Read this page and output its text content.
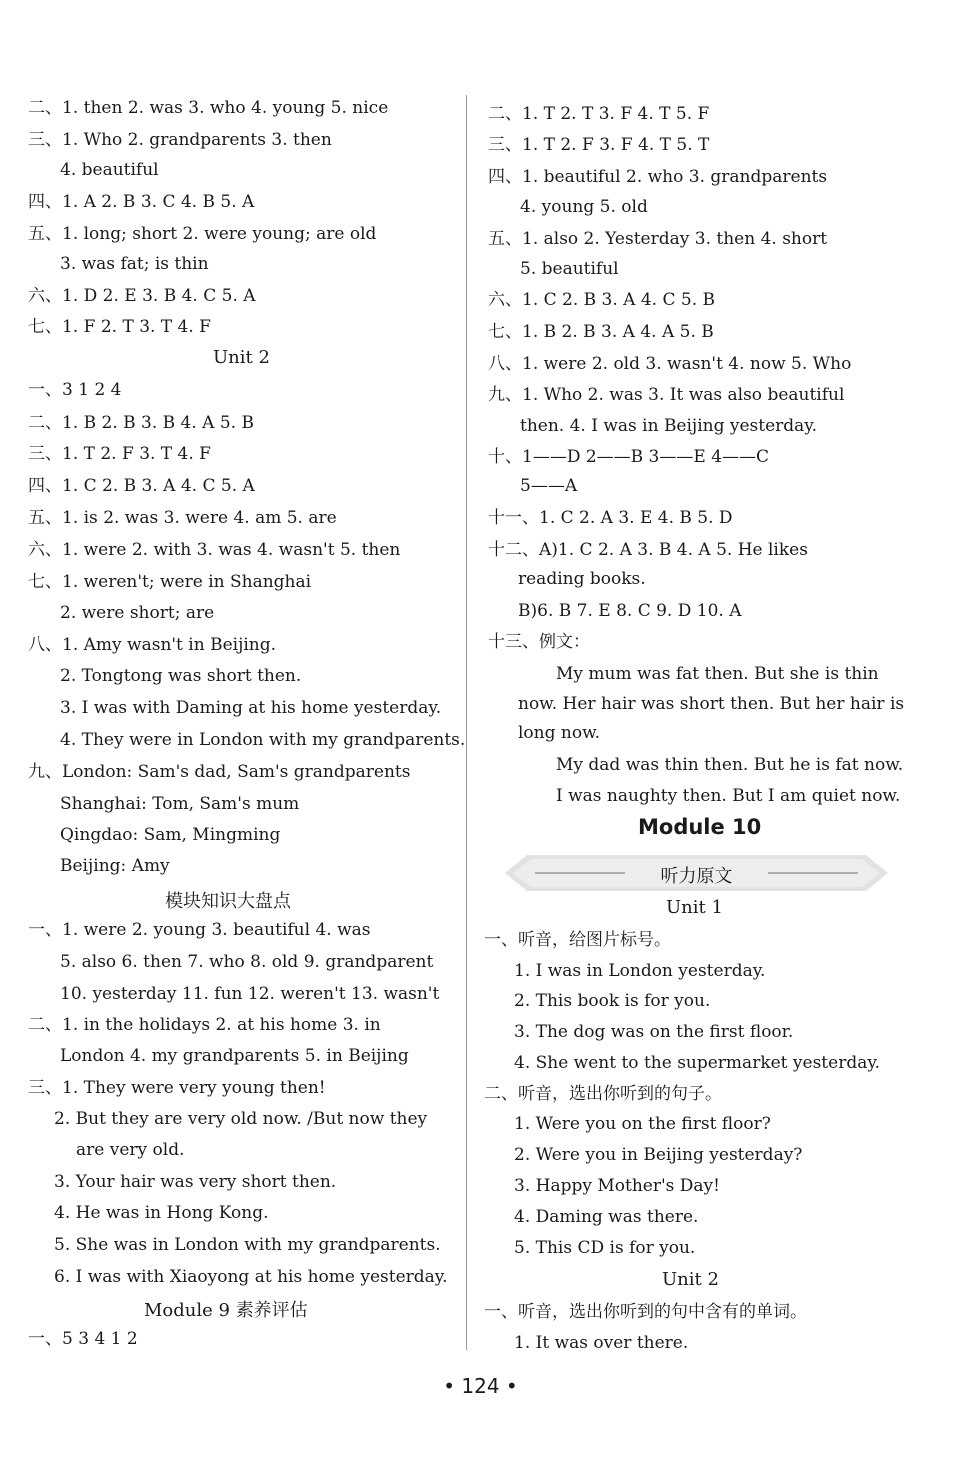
二、1. then 2. was 3. who 4. young 5. nice
三、1. Who 2. grandparents 3. then
4. beautiful
四、1. A 2. B 3. C 4. B 5. A
五、1. long; short 2. were young; are old
3. was fat; is thin
六、1. D 2. E 3. B 4. C 5. A
七、1. F 2. T 3. T 4. F
Unit 2
一、3 1 2 4
二、1. B 2. B 3. B 4. A 5. B
三、1. T 2. F 3. T 4. F
四、1. C 2. B 3. A 4. C 5. A
五、1. is 2. was 3. were 4. am 5. are
六、1. were 2. with 3. was 4. wasn't 5. then
七、1. weren't; were in Shanghai
2. were short; are
八、1. Amy wasn't in Beijing.
2. Tongtong was short then.
3. I was with Daming at his home yesterday.
4. They were in London with my grandparents.
九、London: Sam's dad, Sam's grandparents
Shanghai: Tom, Sam's mum
Qingdao: Sam, Mingming
Beijing: Amy
模块知识大盘点
一、1. were 2. young 3. beautiful 4. was
5. also 6. then 7. who 8. old 9. grandparent
10. yesterday 11. fun 12. weren't 13. wasn't
二、1. in the holidays 2. at his home 3. in
London 4. my grandparents 5. in Beijing
三、1. They were very young then!
2. But they are very old now. /But now they
are very old.
3. Your hair was very short then.
4. He was in Hong Kong.
5. She was in London with my grandparents.
6. I was with Xiaoyong at his home yesterday.
Module 9 素养评估
一、5 3 4 1 2
二、1. T 2. T 3. F 4. T 5. F
三、1. T 2. F 3. F 4. T 5. T
四、1. beautiful 2. who 3. grandparents
4. young 5. old
五、1. also 2. Yesterday 3. then 4. short
5. beautiful
六、1. C 2. B 3. A 4. C 5. B
七、1. B 2. B 3. A 4. A 5. B
八、1. were 2. old 3. wasn't 4. now 5. Who
九、1. Who 2. was 3. It was also beautiful
then. 4. I was in Beijing yesterday.
十、1——D 2——B 3——E 4——C
5——A
十一、1. C 2. A 3. E 4. B 5. D
十二、A)1. C 2. A 3. B 4. A 5. He likes
reading books.
B)6. B 7. E 8. C 9. D 10. A
十三、例文：
My mum was fat then. But she is thin
now. Her hair was short then. But her hair is
long now.
My dad was thin then. But he is fat now.
I was naughty then. But I am quiet now.
Module 10
听力原文
Unit 1
一、听音，给图片标号。
1. I was in London yesterday.
2. This book is for you.
3. The dog was on the first floor.
4. She went to the supermarket yesterday.
二、听音，选出你听到的句子。
1. Were you on the first floor?
2. Were you in Beijing yesterday?
3. Happy Mother's Day!
4. Daming was there.
5. This CD is for you.
Unit 2
一、听音，选出你听到的句中含有的单词。
1. It was over there.
• 124 •
